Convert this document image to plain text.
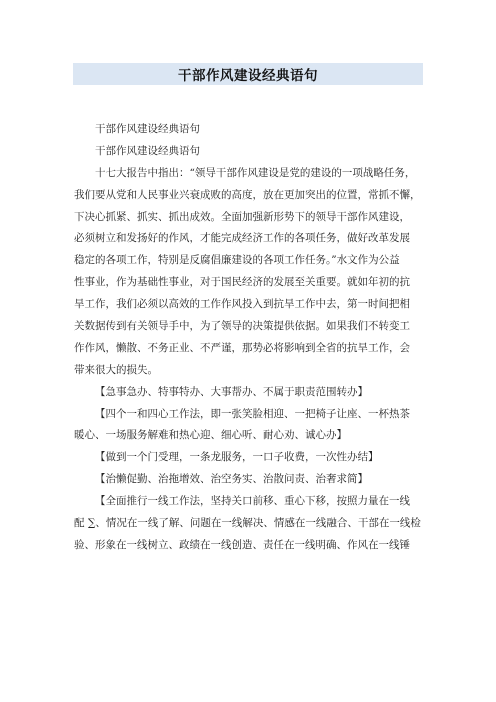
干部作风建设经典语句
干部作风建设经典语句
干部作风建设经典语句
十七大报告中指出：“领导干部作风建设是党的建设的一项战略任务，
我们要从党和人民事业兴衰成败的高度，放在更加突出的位置，常抓不懈，
下决心抓紧、抓实、抓出成效。全面加强新形势下的领导干部作风建设，
必须树立和发扬好的作风，才能完成经济工作的各项任务，做好改革发展
稳定的各项工作，特别是反腐倡廉建设的各项工作任务。”水文作为公益
性事业，作为基础性事业，对于国民经济的发展至关重要。就如年初的抗
旱工作，我们必须以高效的工作作风投入到抗旱工作中去，第一时间把相
关数据传到有关领导手中，为了领导的决策提供依据。如果我们不转变工
作作风，懒散、不务正业、不严谨，那势必将影响到全省的抗旱工作，会
带来很大的损失。
【急事急办、特事特办、大事帮办、不属于职责范围转办】
【四个一和四心工作法，即一张笑脸相迎、一把椅子让座、一杯热茶
暖心、一场服务解难和热心迎、细心听、耐心劝、诚心办】
【做到一个门受理，一条龙服务，一口子收费，一次性办结】
【治懒促勤、治拖增效、治空务实、治散问责、治奢求简】
【全面推行一线工作法，坚持关口前移、重心下移，按照力量在一线
配 ∑、情况在一线了解、问题在一线解决、情感在一线融合、干部在一线检
验、形象在一线树立、政绩在一线创造、责任在一线明确、作风在一线锤
